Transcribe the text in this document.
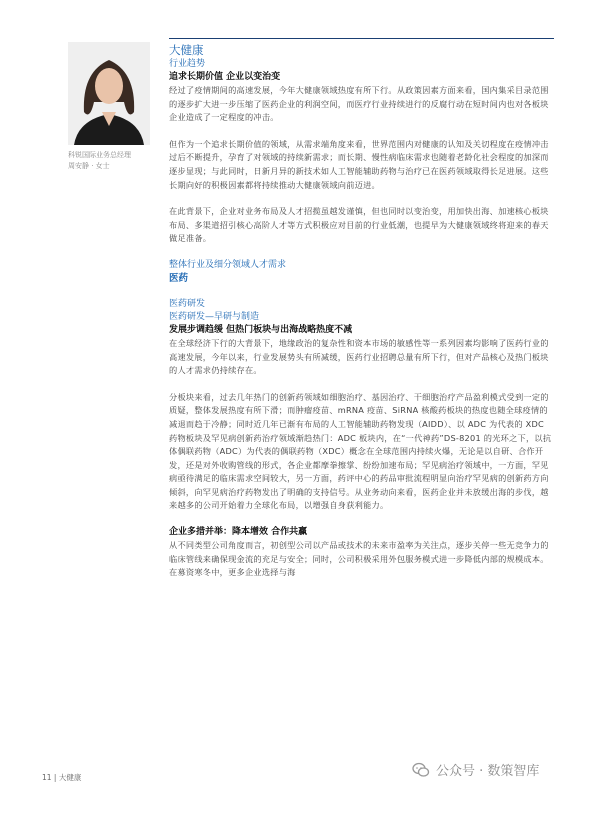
科锐国际业务总经理
周安静 · 女士
大健康
行业趋势
追求长期价值 企业以变治变

经过了疫情期间的高速发展，今年大健康领域热度有所下行。从政策因素方面来看，国内集采目录范围的逐步扩大进一步压缩了医药企业的利润空间，而医疗行业持续进行的反腐行动在短时间内也对各板块企业造成了一定程度的冲击。

但作为一个追求长期价值的领域，从需求端角度来看，世界范围内对健康的认知及关切程度在疫情冲击过后不断提升，孕育了对领域的持续新需求；而长期、慢性病临床需求也随着老龄化社会程度的加深而逐步显现；与此同时，日新月异的新技术如人工智能辅助药物与治疗已在医药领域取得长足进展。这些长期向好的积极因素都将持续推动大健康领域向前迈进。

在此背景下，企业对业务布局及人才招揽虽越发谨慎，但也同时以变治变，用加快出海、加速核心板块布局、多渠道招引核心高阶人才等方式积极应对目前的行业低潮，也提早为大健康领域终将迎来的春天做足准备。

整体行业及细分领域人才需求
医药
医药研发
医药研发—早研与制造
发展步调趋缓 但热门板块与出海战略热度不减

在全球经济下行的大背景下，地缘政治的复杂性和资本市场的敏感性等一系列因素均影响了医药行业的高速发展，今年以来，行业发展势头有所减缓，医药行业招聘总量有所下行，但对产品核心及热门板块的人才需求仍持续存在。

分板块来看，过去几年热门的创新药领域如细胞治疗、基因治疗、干细胞治疗产品盈利模式受到一定的质疑，整体发展热度有所下滑；而肿瘤疫苗、mRNA 疫苗、SiRNA 核酸药板块的热度也随全球疫情的减退而趋于冷静；同时近几年已渐有布局的人工智能辅助药物发现（AIDD）、以 ADC 为代表的 XDC 药物板块及罕见病创新药治疗领域渐趋热门：ADC 板块内，在“一代神药”DS-8201 的光环之下，以抗体偶联药物（ADC）为代表的偶联药物（XDC）概念在全球范围内持续火爆，无论是以自研、合作开发，还是对外收购管线的形式，各企业都摩拳擦掌、纷纷加速布局；罕见病治疗领域中，一方面，罕见病亟待满足的临床需求空间较大，另一方面，药评中心的药品审批流程明显向治疗罕见病的创新药方向倾斜，向罕见病治疗药物发出了明确的支持信号。从业务动向来看，医药企业并未放缓出海的步伐，越来越多的公司开始着力全球化布局，以增强自身获利能力。

企业多措并举：降本增效 合作共赢

从不同类型公司角度而言，初创型公司以产品或技术的未来市盈率为关注点，逐步关停一些无竞争力的临床管线来确保现金流的充足与安全；同时，公司积极采用外包服务模式进一步降低内部的规模成本。在募资寒冬中，更多企业选择与海

11 | 大健康	公众号 · 数策智库
